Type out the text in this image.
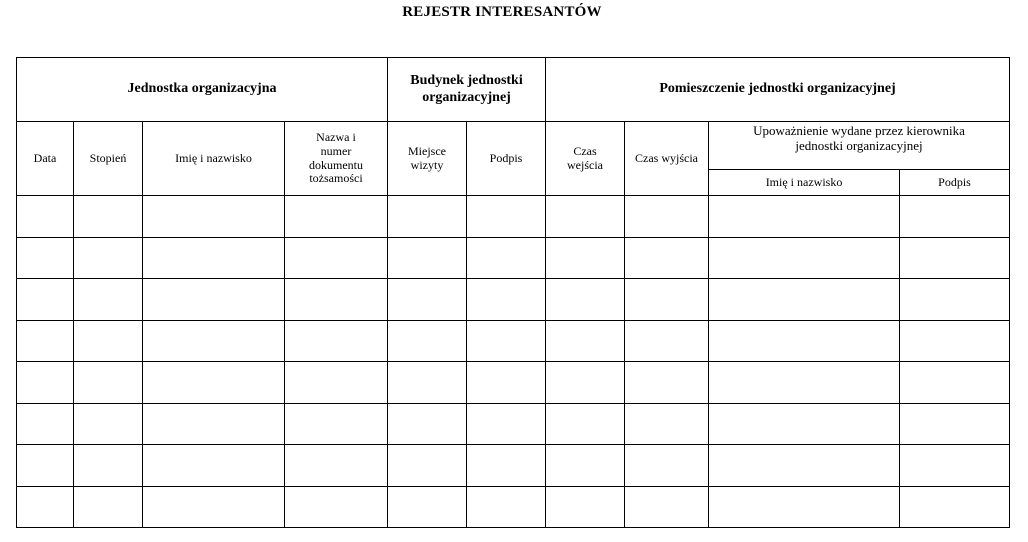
REJESTR INTERESANTÓW
Jednostka organizacyjna				Budynek jednostki organizacyjnej		Pomieszczenie jednostki organizacyjnej			
Data	Stopień	Imię i nazwisko	Nazwa i numer dokumentu tożsamości	Miejsce wizyty	Podpis	Czas wejścia	Czas wyjścia	Upoważnienie wydane przez kierownika jednostki organizacyjnej	

								Imię i nazwisko	Podpis
